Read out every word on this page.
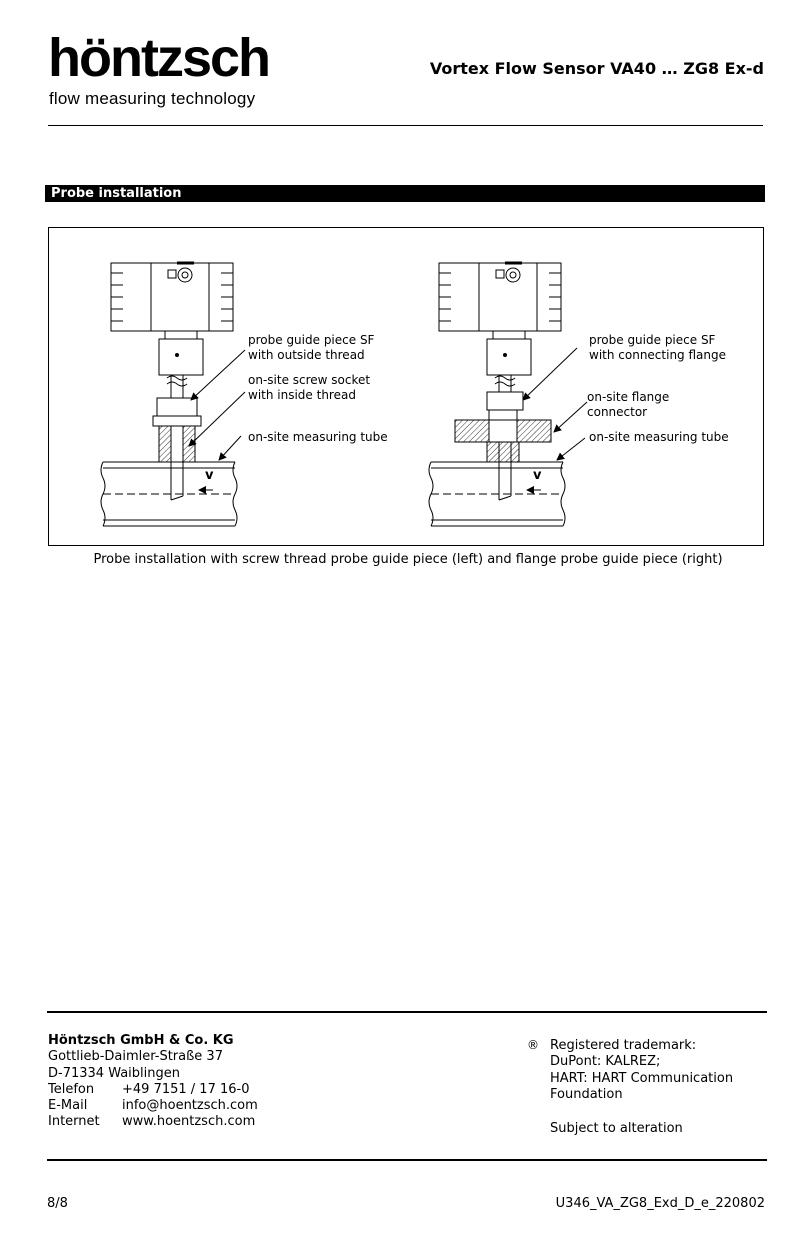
höntzsch
flow measuring technology
Vortex Flow Sensor VA40 … ZG8 Ex-d
Probe installation
v	v
probe guide piece SF
with outside thread
on-site screw socket
with inside thread
on-site measuring tube
probe guide piece SF
with connecting flange
on-site flange
connector
on-site measuring tube
Probe installation with screw thread probe guide piece (left) and flange probe guide piece (right)
Höntzsch GmbH & Co. KG
Gottlieb-Daimler-Straße 37
D-71334 Waiblingen
Telefon +49 7151 / 17 16-0
E-Mail	info@hoentzsch.com
Internet www.hoentzsch.com
® Registered trademark:
DuPont: KALREZ;
HART: HART Communication
Foundation
Subject to alteration
8/8	U346_VA_ZG8_Exd_D_e_220802
